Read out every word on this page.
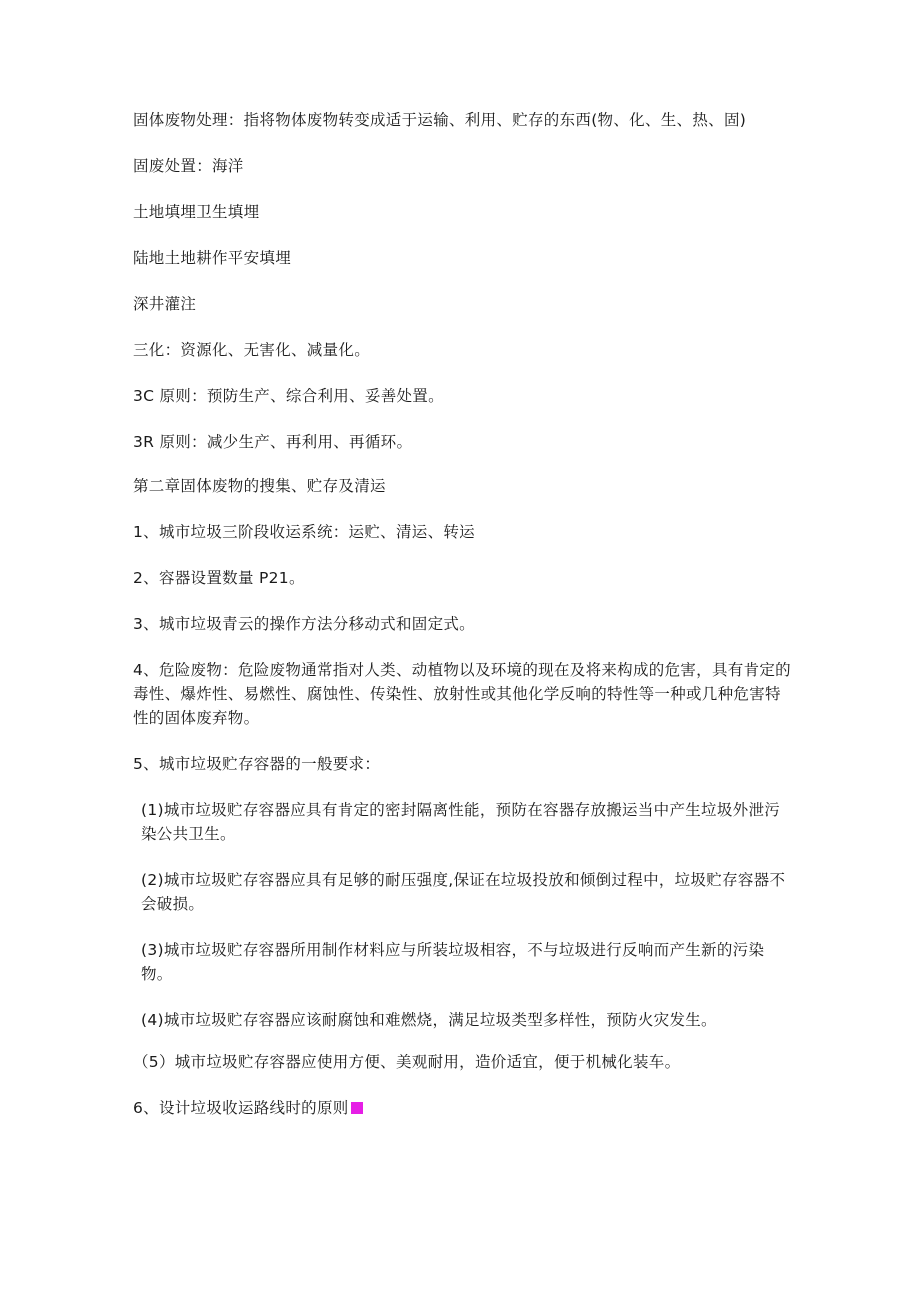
固体废物处理：指将物体废物转变成适于运输、利用、贮存的东西(物、化、生、热、固)

固废处置：海洋

土地填埋卫生填埋

陆地土地耕作平安填埋

深井灌注

三化：资源化、无害化、减量化。

3C 原则：预防生产、综合利用、妥善处置。

3R 原则：减少生产、再利用、再循环。

第二章固体废物的搜集、贮存及清运

1、城市垃圾三阶段收运系统：运贮、清运、转运

2、容器设置数量 P21。

3、城市垃圾青云的操作方法分移动式和固定式。

4、危险废物：危险废物通常指对人类、动植物以及环境的现在及将来构成的危害，具有肯定的毒性、爆炸性、易燃性、腐蚀性、传染性、放射性或其他化学反响的特性等一种或几种危害特性的固体废弃物。

5、城市垃圾贮存容器的一般要求：

(1)城市垃圾贮存容器应具有肯定的密封隔离性能，预防在容器存放搬运当中产生垃圾外泄污染公共卫生。

(2)城市垃圾贮存容器应具有足够的耐压强度,保证在垃圾投放和倾倒过程中，垃圾贮存容器不会破损。

(3)城市垃圾贮存容器所用制作材料应与所装垃圾相容，不与垃圾进行反响而产生新的污染物。

(4)城市垃圾贮存容器应该耐腐蚀和难燃烧，满足垃圾类型多样性，预防火灾发生。

（5）城市垃圾贮存容器应使用方便、美观耐用，造价适宜，便于机械化装车。

6、设计垃圾收运路线时的原则
